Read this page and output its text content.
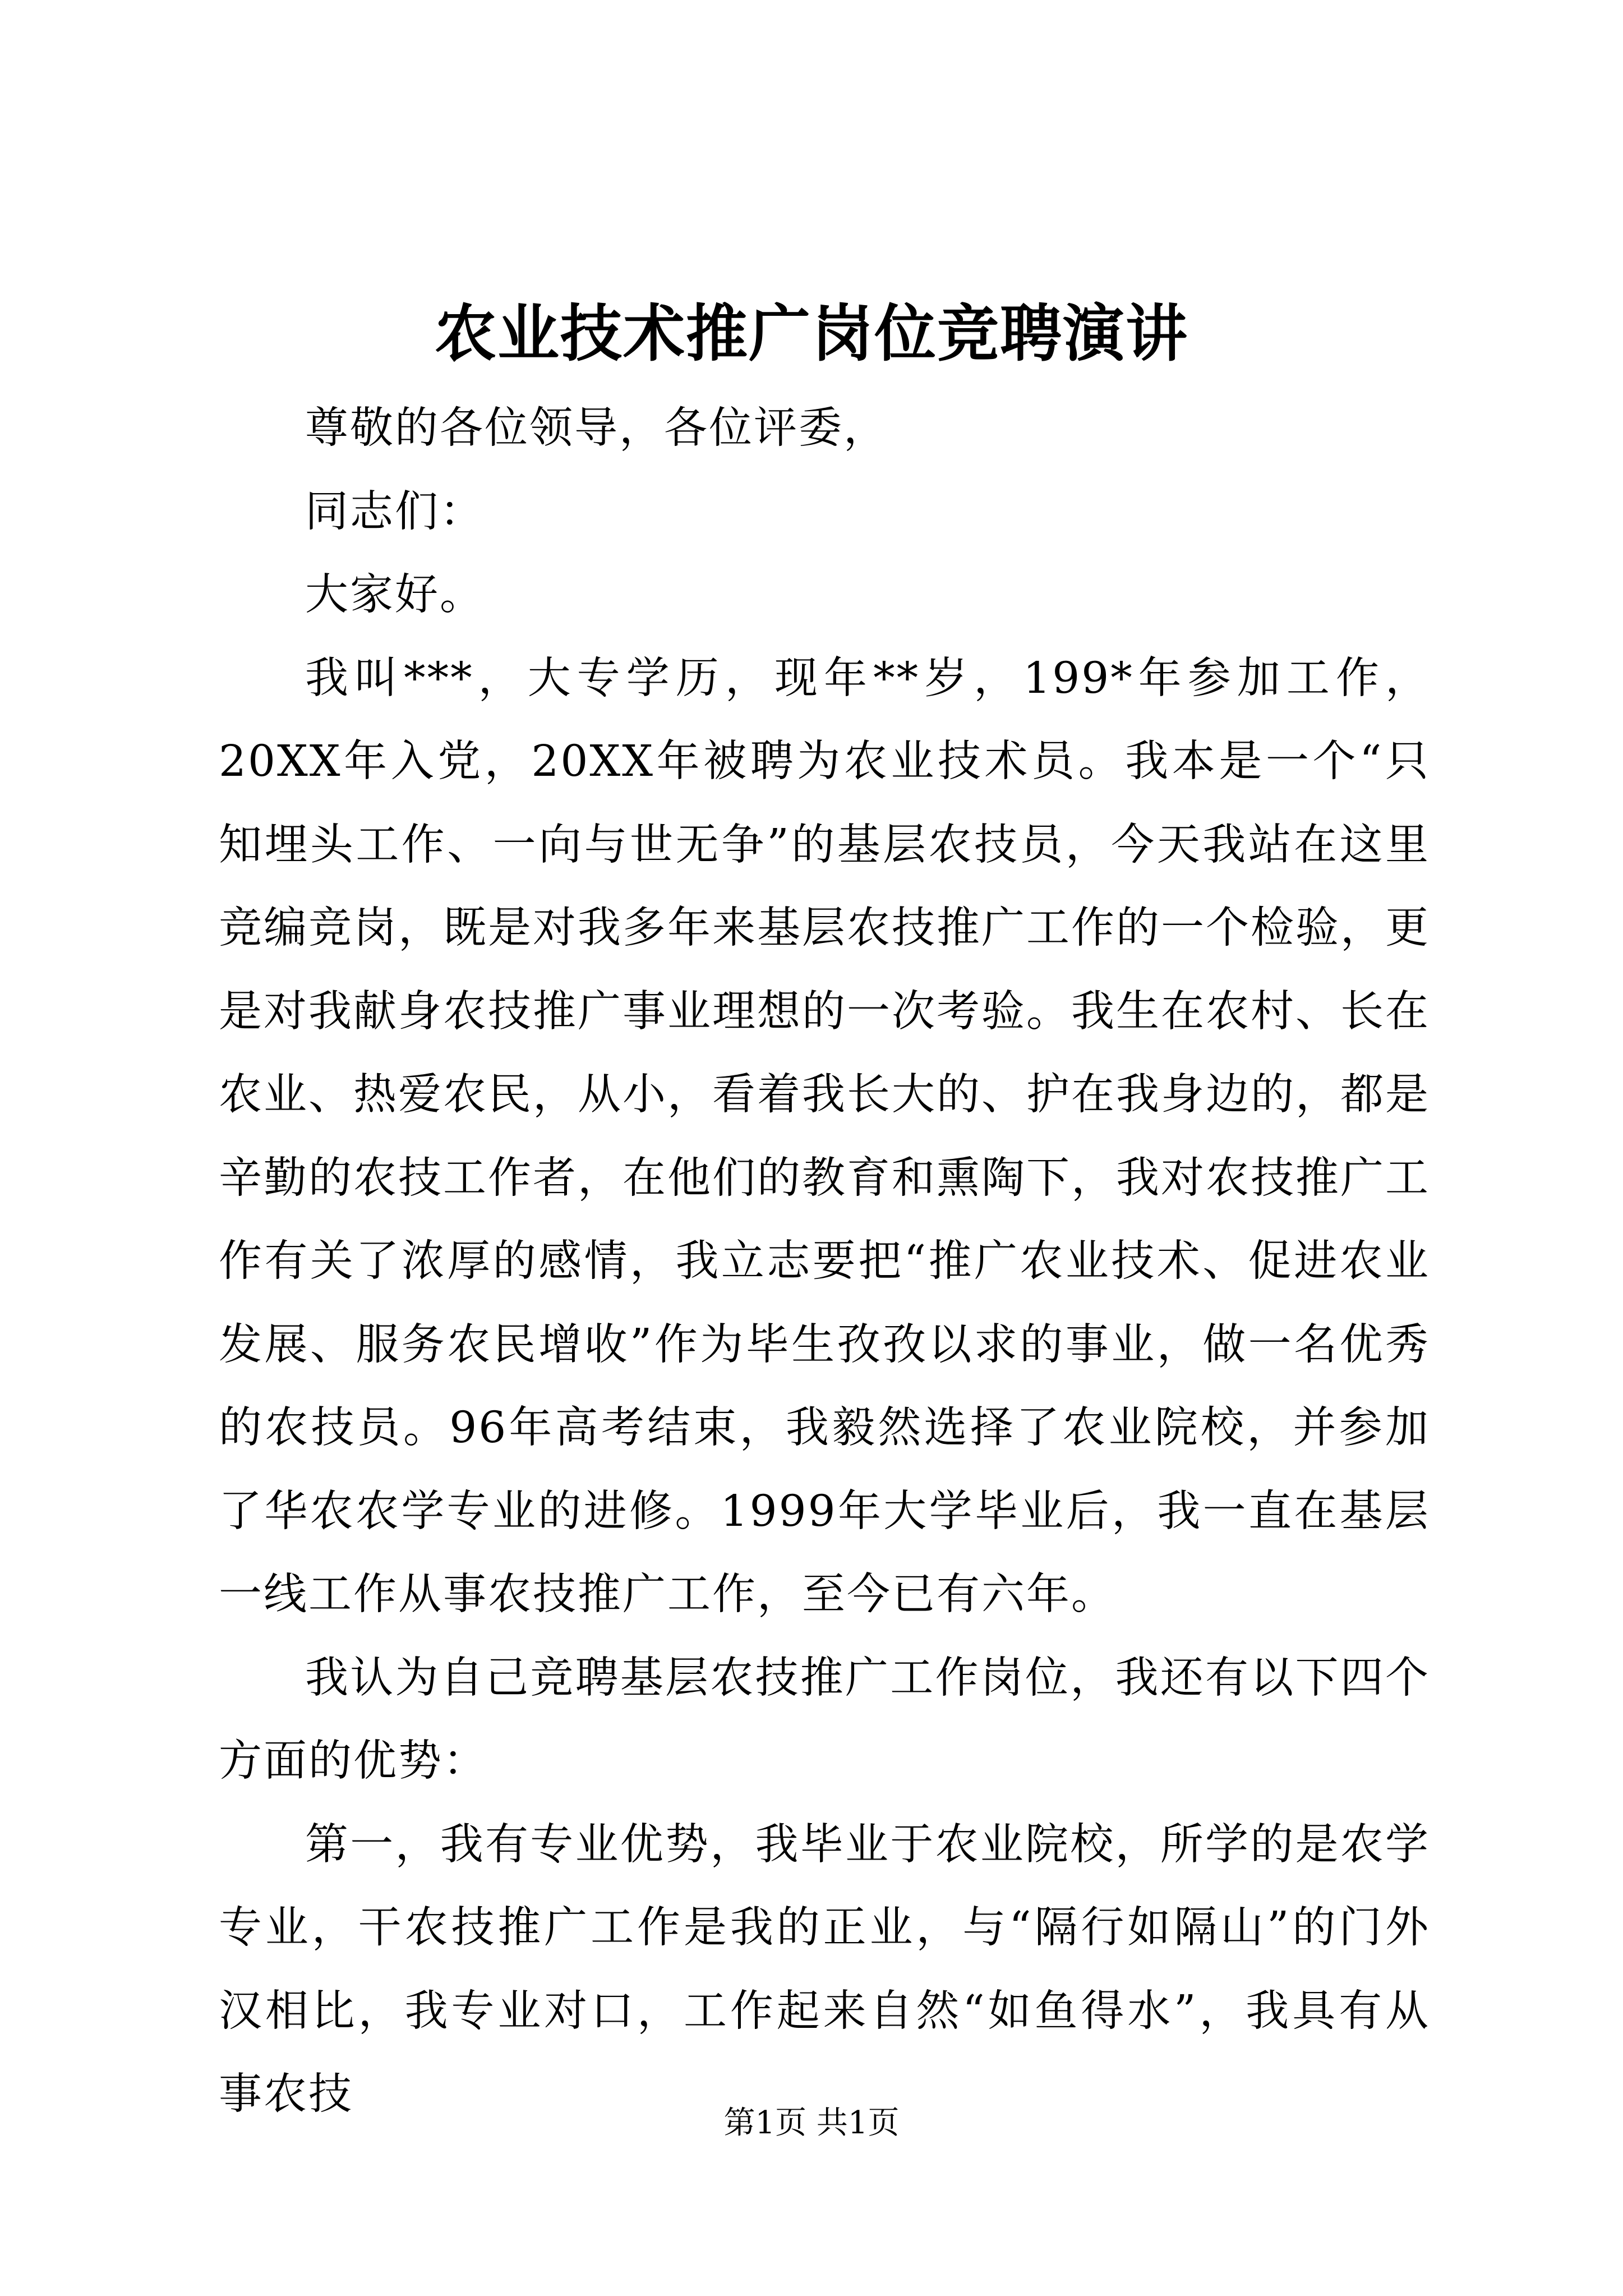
农业技术推广岗位竞聘演讲

尊敬的各位领导，各位评委，

同志们：

大家好。

我叫***，大专学历，现年**岁，199*年参加工作，20XX年入党，20XX年被聘为农业技术员。我本是一个“只知埋头工作、一向与世无争”的基层农技员，今天我站在这里竞编竞岗，既是对我多年来基层农技推广工作的一个检验，更是对我献身农技推广事业理想的一次考验。我生在农村、长在农业、热爱农民，从小，看着我长大的、护在我身边的，都是辛勤的农技工作者，在他们的教育和熏陶下，我对农技推广工作有关了浓厚的感情，我立志要把“推广农业技术、促进农业发展、服务农民增收”作为毕生孜孜以求的事业，做一名优秀的农技员。96年高考结束，我毅然选择了农业院校，并参加了华农农学专业的进修。1999年大学毕业后，我一直在基层一线工作从事农技推广工作，至今已有六年。

我认为自己竞聘基层农技推广工作岗位，我还有以下四个方面的优势：

第一，我有专业优势，我毕业于农业院校，所学的是农学专业，干农技推广工作是我的正业，与“隔行如隔山”的门外汉相比，我专业对口，工作起来自然“如鱼得水”，我具有从事农技

第1页 共1页
